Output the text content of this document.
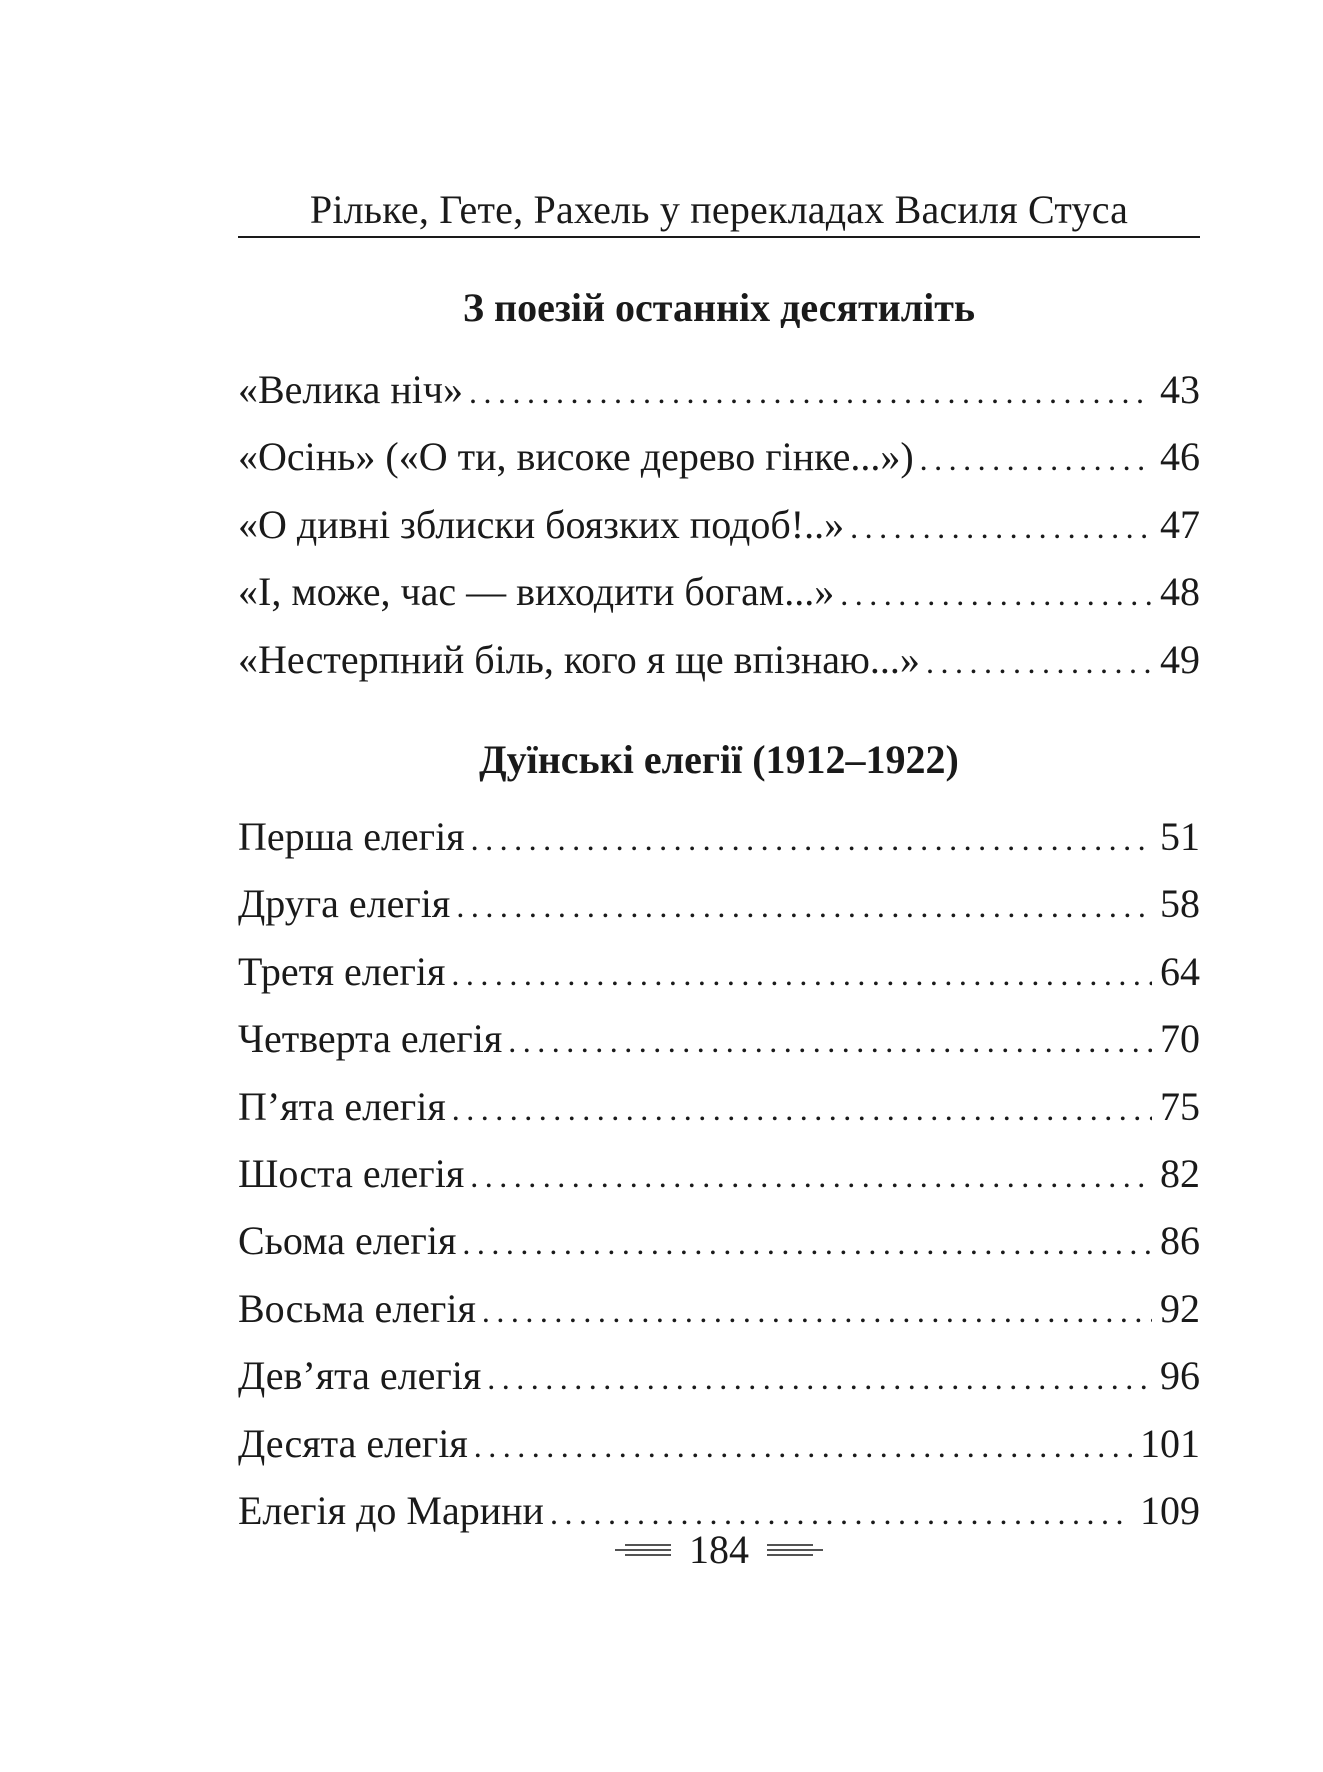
Рільке, Гете, Рахель у перекладах Василя Стуса
З поезій останніх десятиліть
«Велика ніч» .....	43
«Осінь» («О ти, високе дерево гінке...») .....	46
«О дивні зблиски боязких подоб!..» .....	47
«І, може, час — виходити богам...» .....	48
«Нестерпний біль, кого я ще впізнаю...» .....	49
Дуїнські елегії (1912–1922)
Перша елегія .....	51
Друга елегія .....	58
Третя елегія .....	64
Четверта елегія .....	70
П’ята елегія .....	75
Шоста елегія .....	82
Сьома елегія .....	86
Восьма елегія .....	92
Дев’ята елегія .....	96
Десята елегія .....	101
Елегія до Марини .....	109
184
